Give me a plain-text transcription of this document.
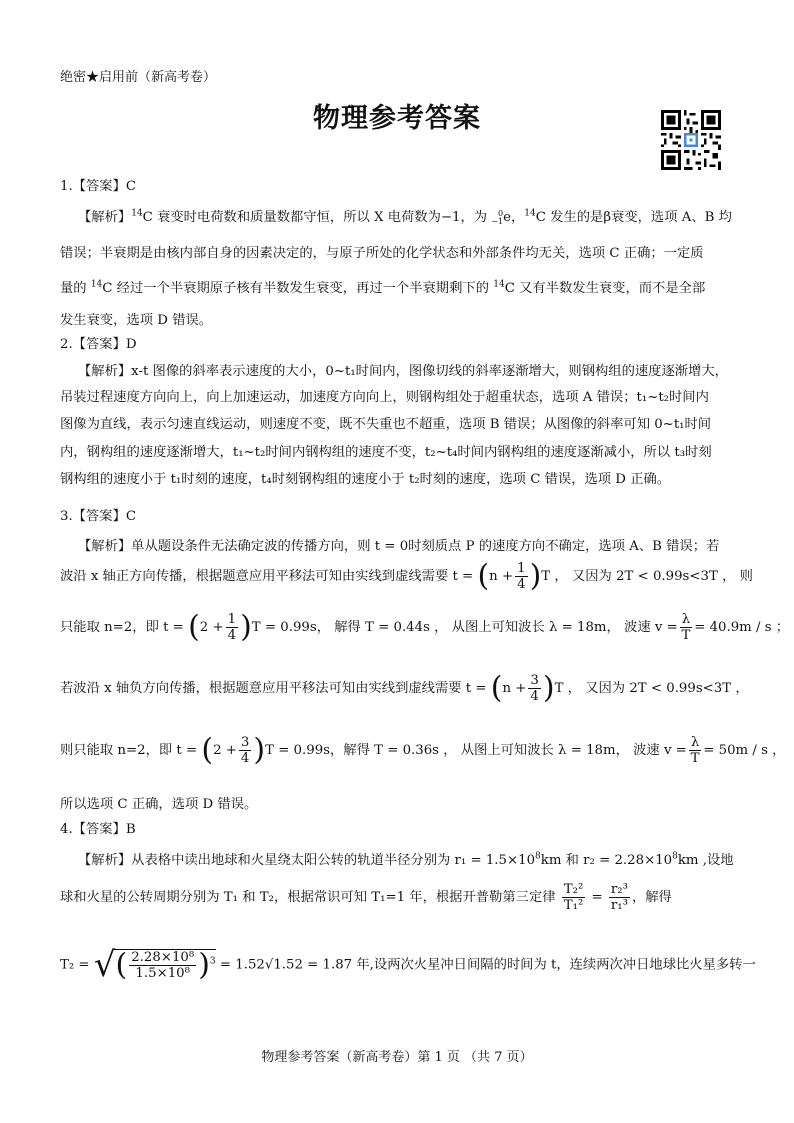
绝密★启用前（新高考卷）
物理参考答案
1.【答案】C
【解析】$^{14}$C 衰变时电荷数和质量数都守恒，所以 X 电荷数为−1，为	0
−1 e，$^{14}$C 发生的是β衰变，选项 A、B 均
错误；半衰期是由核内部自身的因素决定的，与原子所处的化学状态和外部条件均无关，选项 C 正确；一定质
量的 $^{14}$C 经过一个半衰期原子核有半数发生衰变，再过一个半衰期剩下的 $^{14}$C 又有半数发生衰变，而不是全部
发生衰变，选项 D 错误。
2.【答案】D
【解析】x-t 图像的斜率表示速度的大小，0~t₁时间内，图像切线的斜率逐渐增大，则钢构组的速度逐渐增大，
吊装过程速度方向向上，向上加速运动，加速度方向向上，则钢构组处于超重状态，选项 A 错误；t₁~t₂时间内
图像为直线，表示匀速直线运动，则速度不变，既不失重也不超重，选项 B 错误；从图像的斜率可知 0~t₁时间
内，钢构组的速度逐渐增大，t₁~t₂时间内钢构组的速度不变，t₂~t₄时间内钢构组的速度逐渐减小，所以 t₃时刻
钢构组的速度小于 t₁时刻的速度，t₄时刻钢构组的速度小于 t₂时刻的速度，选项 C 错误，选项 D 正确。
3.【答案】C
【解析】单从题设条件无法确定波的传播方向，则 t = 0时刻质点 P 的速度方向不确定，选项 A、B 错误；若
波沿 x 轴正方向传播，根据题意应用平移法可知由实线到虚线需要 $t = (n + \frac{1}{4} )T$ ， 又因为 2T < 0.99s<3T ， 则
只能取 n=2，即 $t = (2 + \frac{1}{4} )T = 0.99s$， 解得 T = 0.44s ， 从图上可知波长 λ = 18m， 波速 $v = \frac{\lambda}{T} = 40.9m / s$ ；
若波沿 x 轴负方向传播，根据题意应用平移法可知由实线到虚线需要 $t = (n + \frac{3}{4} )T$ ， 又因为 2T < 0.99s<3T ，
则只能取 n=2，即 $t = (2 + \frac{3}{4} )T = 0.99s$，解得 T = 0.36s ， 从图上可知波长 λ = 18m， 波速 $v = \frac{\lambda}{T} = 50m / s$ ，
所以选项 C 正确，选项 D 错误。
4.【答案】B
【解析】从表格中读出地球和火星绕太阳公转的轨道半径分别为 $r_1 = 1.5\times 10^8km$ 和 $r_2 = 2.28\times 10^8km$ ,设地
球和火星的公转周期分别为 T₁ 和 T₂，根据常识可知 T₁=1 年，根据开普勒第三定律 $\frac{\text{T₂²}}{\text{T₁²}} = \frac{\text{r₂³}}{\text{r₁³}}$ ，解得
T₂ = √( $\frac{\text{2.28×10⁸}}{\text{1.5×10⁸}} )^3 = 1.52√1.52 = 1.87$ 年,设两次火星冲日间隔的时间为 t，连续两次冲日地球比火星多转一
物理参考答案（新高考卷）第 1 页 （共 7 页）
